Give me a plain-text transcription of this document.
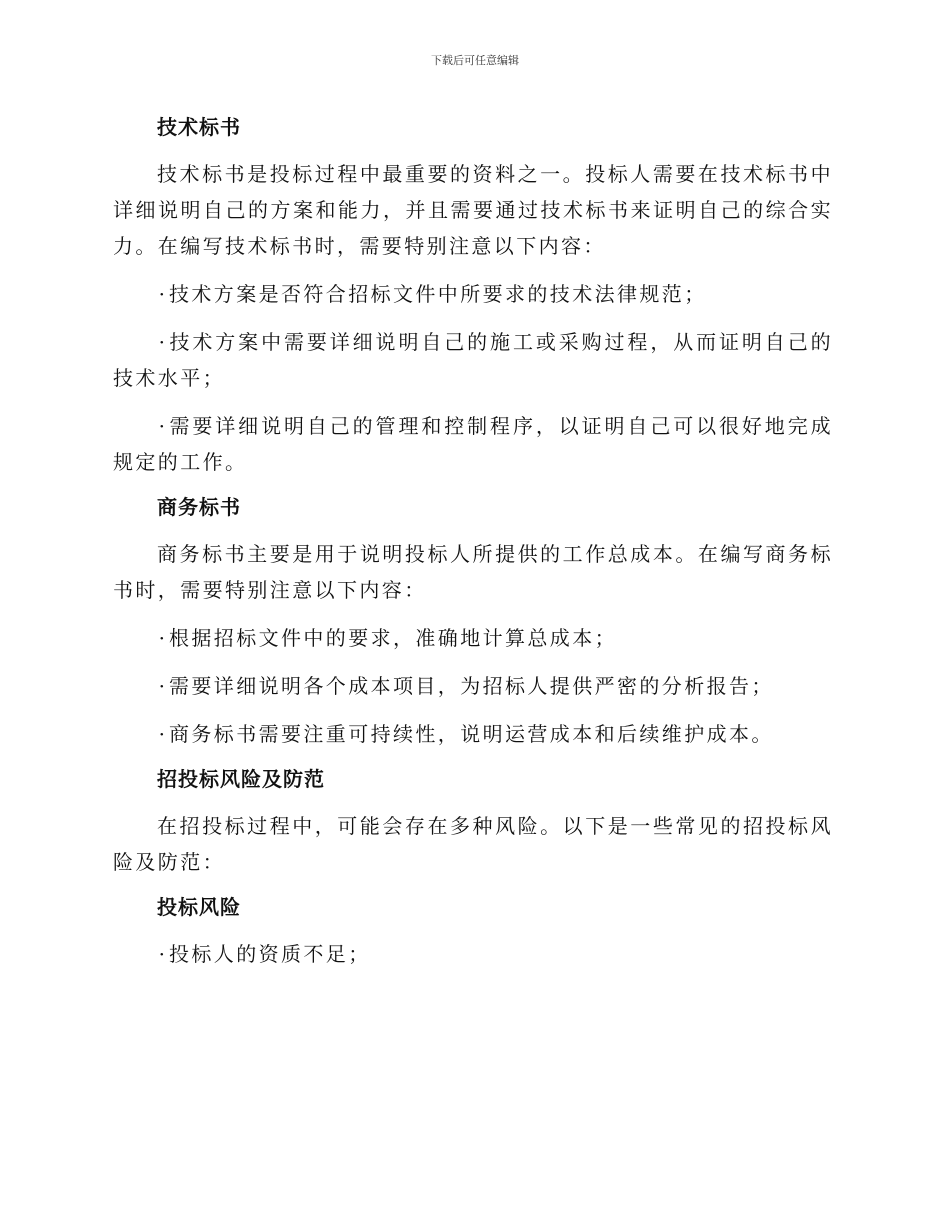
下载后可任意编辑
技术标书

技术标书是投标过程中最重要的资料之一。投标人需要在技术标书中详细说明自己的方案和能力，并且需要通过技术标书来证明自己的综合实力。在编写技术标书时，需要特别注意以下内容：

·技术方案是否符合招标文件中所要求的技术法律规范；

·技术方案中需要详细说明自己的施工或采购过程，从而证明自己的技术水平；

·需要详细说明自己的管理和控制程序，以证明自己可以很好地完成规定的工作。

商务标书

商务标书主要是用于说明投标人所提供的工作总成本。在编写商务标书时，需要特别注意以下内容：

·根据招标文件中的要求，准确地计算总成本；

·需要详细说明各个成本项目，为招标人提供严密的分析报告；

·商务标书需要注重可持续性，说明运营成本和后续维护成本。

招投标风险及防范

在招投标过程中，可能会存在多种风险。以下是一些常见的招投标风险及防范：

投标风险

·投标人的资质不足；
